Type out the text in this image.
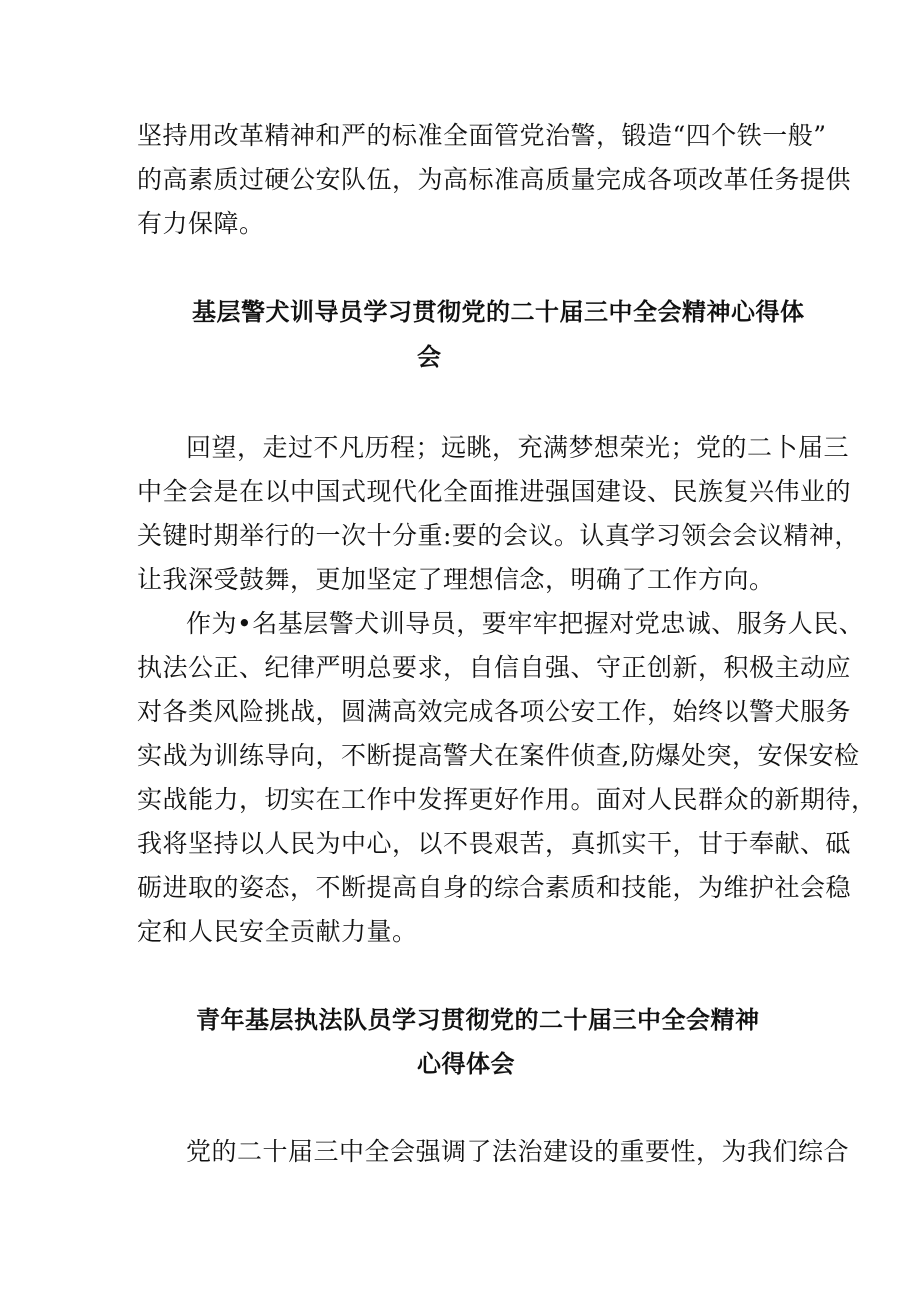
坚持用改革精神和严的标准全面管党治警，锻造“四个铁一般”
的高素质过硬公安队伍，为高标准高质量完成各项改革任务提供
有力保障。
基层警犬训导员学习贯彻党的二十届三中全会精神心得体
会
回望，走过不凡历程；远眺，充满梦想荣光；党的二卜届三
中全会是在以中国式现代化全面推进强国建设、民族复兴伟业的
关键时期举行的一次十分重:要的会议。认真学习领会会议精神，
让我深受鼓舞，更加坚定了理想信念，明确了工作方向。
作为•名基层警犬训导员，要牢牢把握对党忠诚、服务人民、
执法公正、纪律严明总要求，自信自强、守正创新，积极主动应
对各类风险挑战，圆满高效完成各项公安工作，始终以警犬服务
实战为训练导向，不断提高警犬在案件侦查,防爆处突，安保安检
实战能力，切实在工作中发挥更好作用。面对人民群众的新期待，
我将坚持以人民为中心，以不畏艰苦，真抓实干，甘于奉献、砥
砺进取的姿态，不断提高自身的综合素质和技能，为维护社会稳
定和人民安全贡献力量。
青年基层执法队员学习贯彻党的二十届三中全会精神
心得体会
党的二十届三中全会强调了法治建设的重要性，为我们综合
